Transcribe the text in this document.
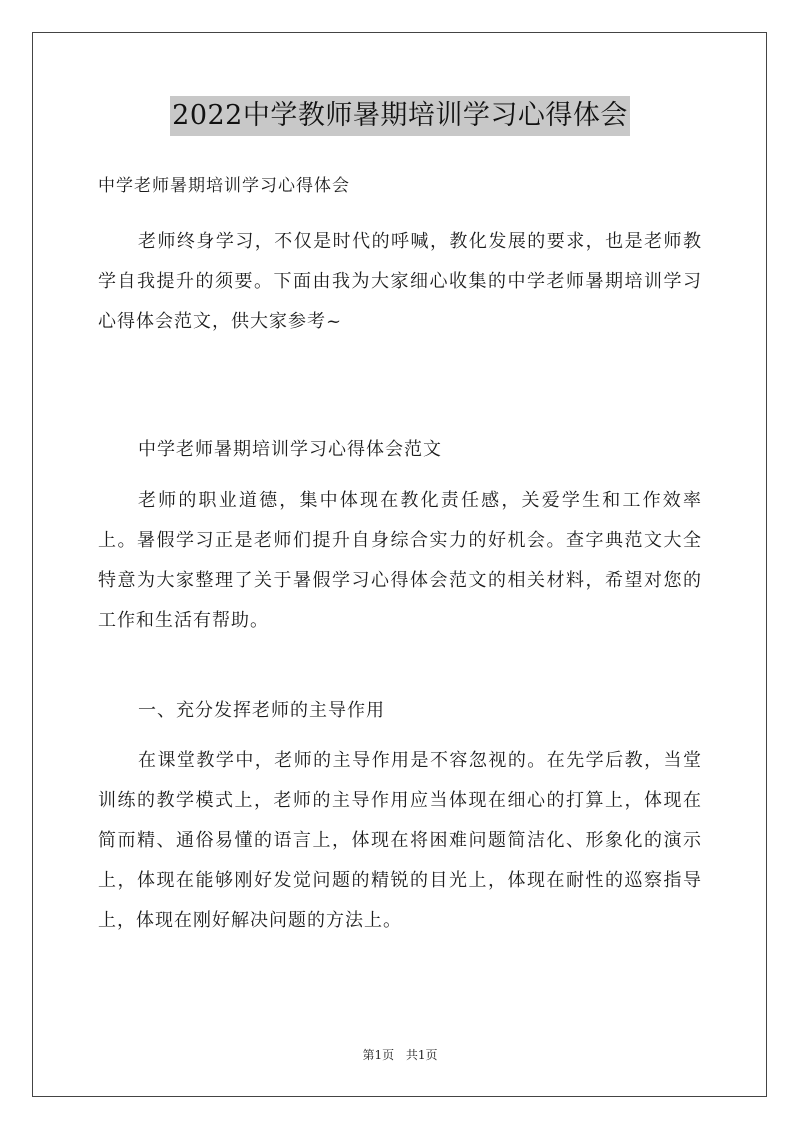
2022中学教师暑期培训学习心得体会
中学老师暑期培训学习心得体会

老师终身学习，不仅是时代的呼喊，教化发展的要求，也是老师教学自我提升的须要。下面由我为大家细心收集的中学老师暑期培训学习心得体会范文，供大家参考~

中学老师暑期培训学习心得体会范文

老师的职业道德，集中体现在教化责任感，关爱学生和工作效率上。暑假学习正是老师们提升自身综合实力的好机会。查字典范文大全特意为大家整理了关于暑假学习心得体会范文的相关材料，希望对您的工作和生活有帮助。

一、充分发挥老师的主导作用

在课堂教学中，老师的主导作用是不容忽视的。在先学后教，当堂训练的教学模式上，老师的主导作用应当体现在细心的打算上，体现在简而精、通俗易懂的语言上，体现在将困难问题简洁化、形象化的演示上，体现在能够刚好发觉问题的精锐的目光上，体现在耐性的巡察指导上，体现在刚好解决问题的方法上。

第1页 共1页
